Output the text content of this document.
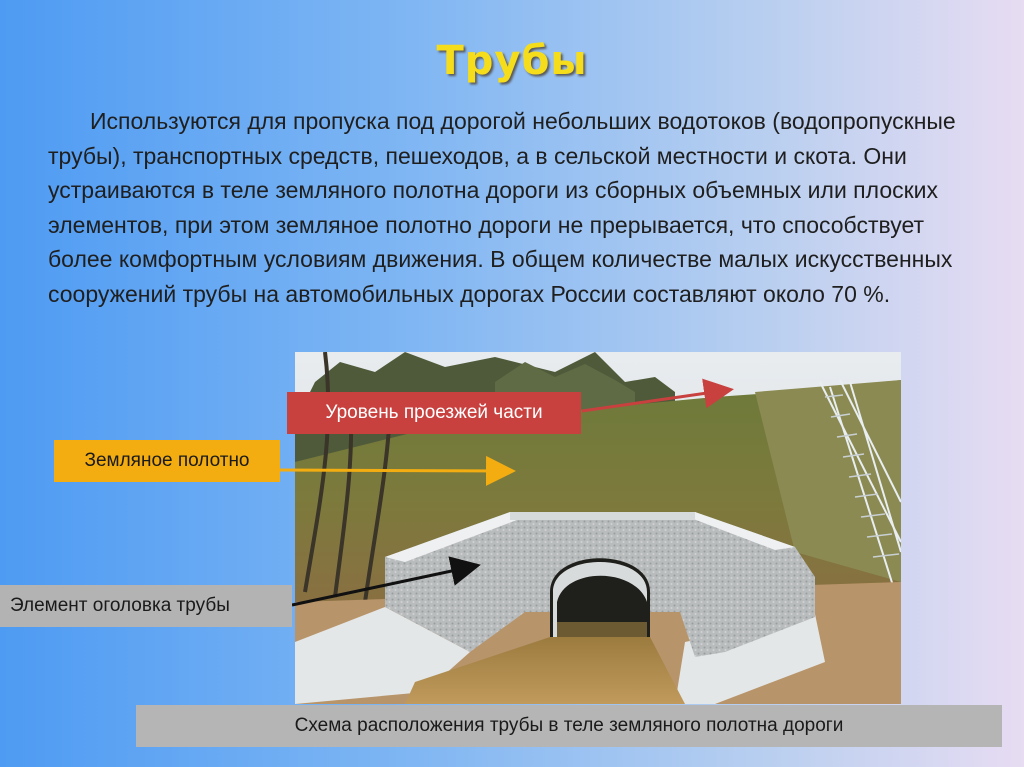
Трубы
Используются для пропуска под дорогой небольших водотоков (водопропускные трубы), транспортных средств, пешеходов, а в сельской местности и скота. Они устраиваются в теле земляного полотна дороги из сборных объемных или плоских элементов, при этом земляное полотно дороги не прерывается, что способствует более комфортным условиям движения. В общем количестве малых искусственных сооружений трубы на автомобильных дорогах России составляют около 70 %.
Уровень проезжей части
Земляное полотно
Элемент оголовка трубы
Схема расположения трубы в теле земляного полотна дороги
